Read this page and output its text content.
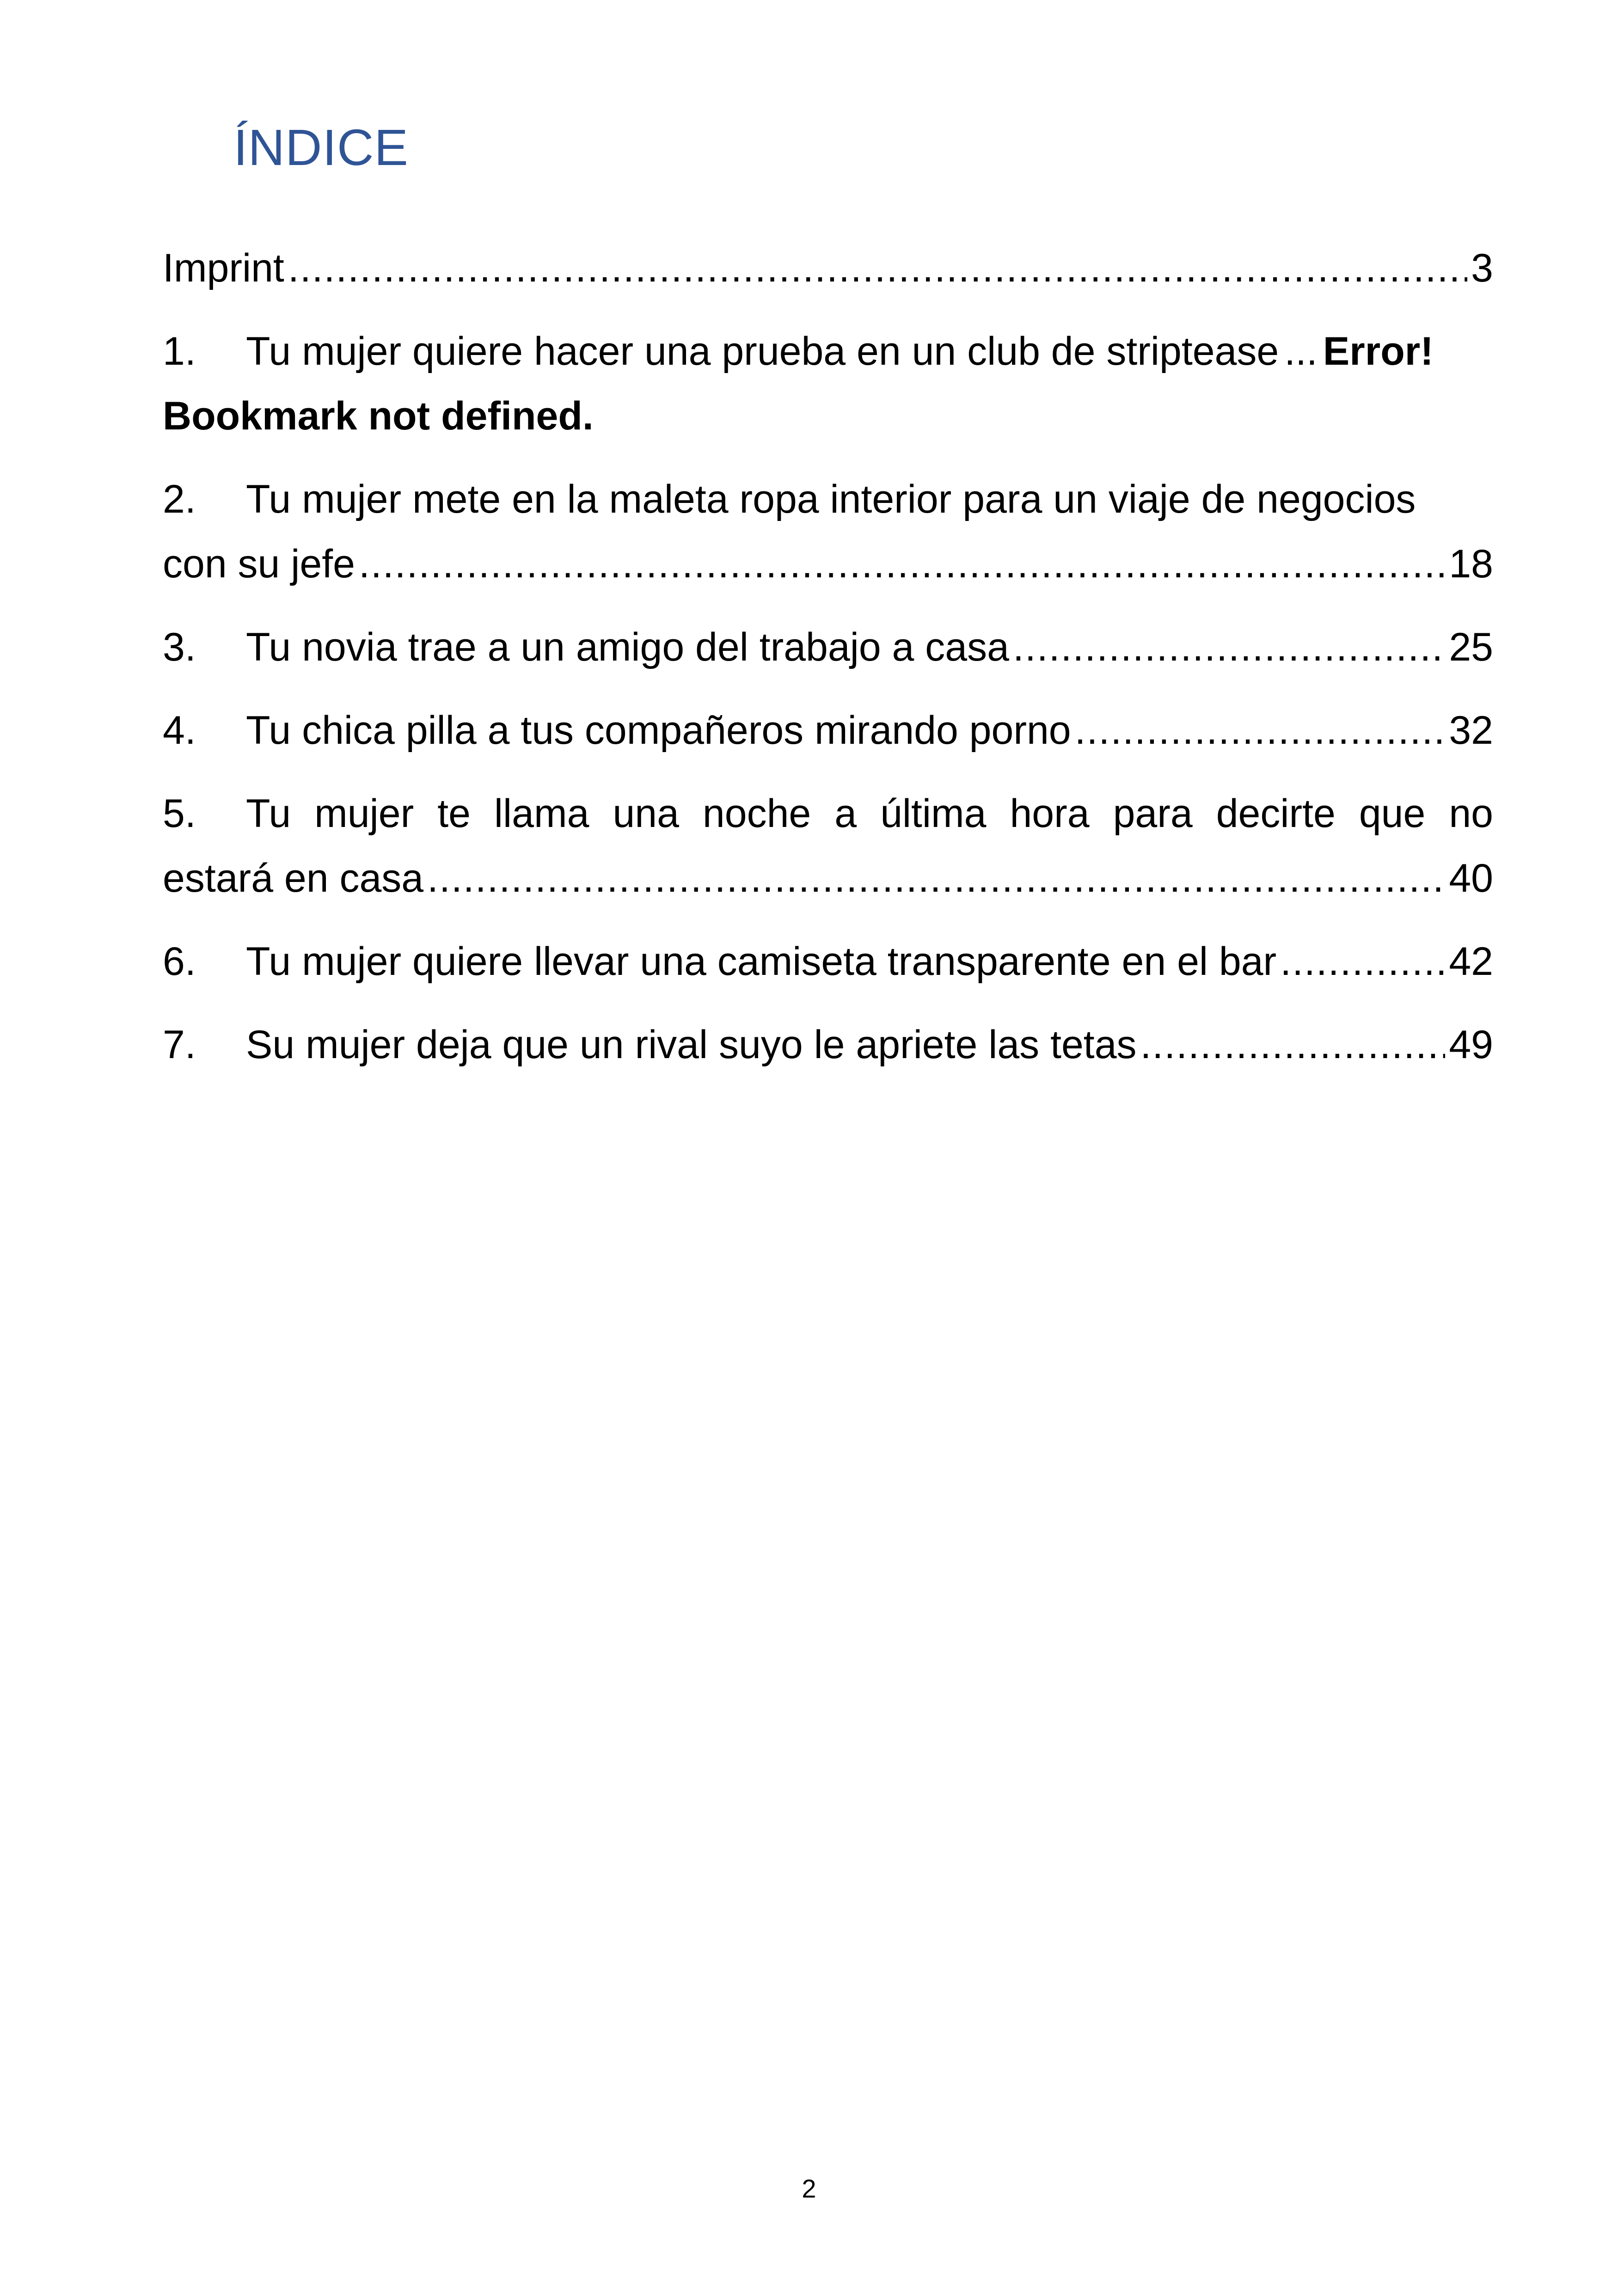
ÍNDICE
Imprint .....	3
1.	Tu mujer quiere hacer una prueba en un club de striptease ... Error!
Bookmark not defined.
2.	Tu mujer mete en la maleta ropa interior para un viaje de negocios
con su jefe .....	18
3.	Tu novia trae a un amigo del trabajo a casa .....	25
4.	Tu chica pilla a tus compañeros mirando porno .....	32
5.	Tu mujer te llama una noche a última hora para decirte que no
estará en casa .....	40
6.	Tu mujer quiere llevar una camiseta transparente en el bar .....	42
7.	Su mujer deja que un rival suyo le apriete las tetas .....	49
2
